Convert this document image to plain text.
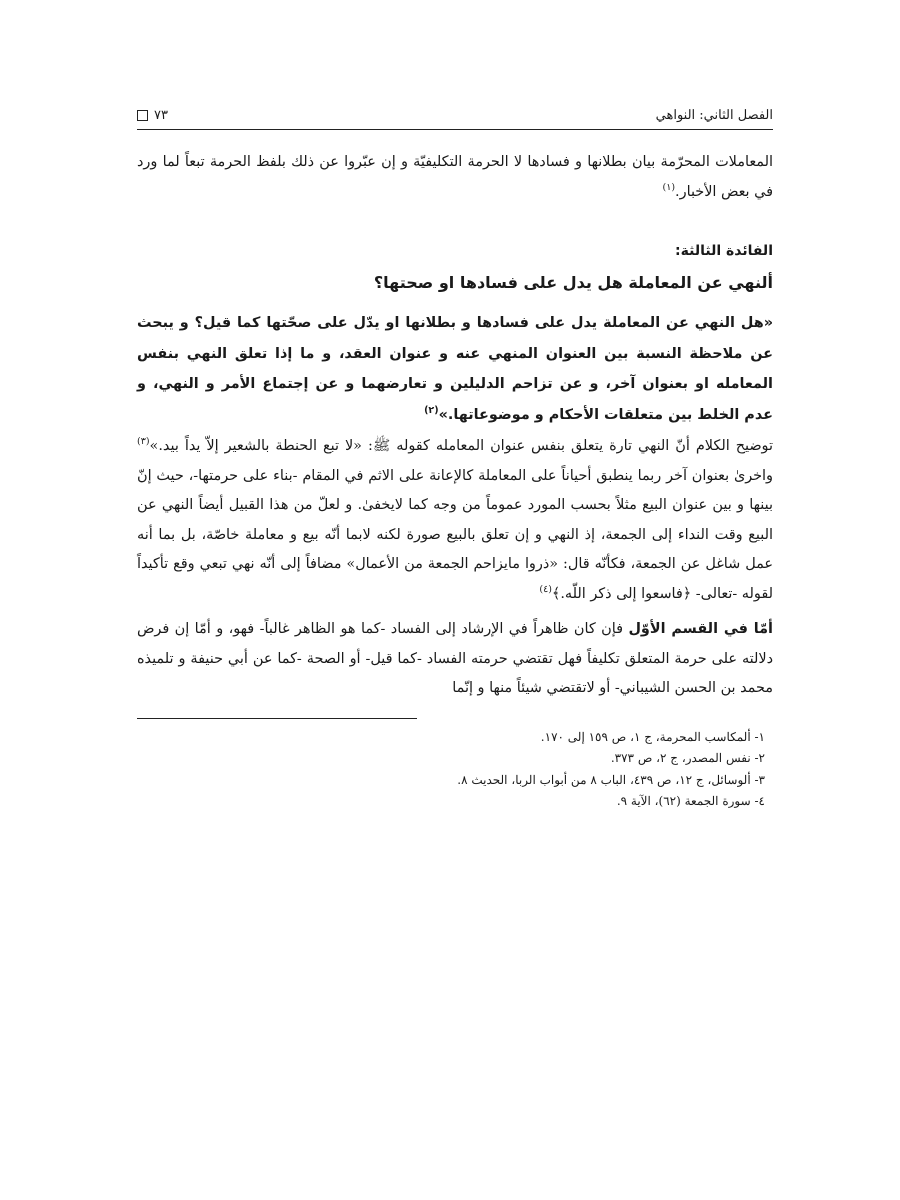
الفصل الثاني: النواهي
٧٣

المعاملات المحرّمة بيان بطلانها و فسادها لا الحرمة التكليفيّة و إن عبّروا عن ذلك بلفظ الحرمة تبعاً لما ورد في بعض الأخبار.$^{(١)}$

الفائدة الثالثة:
ألنهي عن المعاملة هل يدل على فسادها او صحتها؟

«هل النهي عن المعاملة يدل على فسادها و بطلانها او يدّل على صحّتها كما قيل؟ و يبحث عن ملاحظة النسبة بين العنوان المنهي عنه و عنوان العقد، و ما إذا تعلق النهي بنفس المعامله او بعنوان آخر، و عن تزاحم الدليلين و تعارضهما و عن إجتماع الأمر و النهي، و عدم الخلط بين متعلقات الأحكام و موضوعاتها.»$^{(٢)}$

توضيح الكلام أنّ النهي تارة يتعلق بنفس عنوان المعامله كقوله ﷺ: «لا تبع الحنطة بالشعير إلاّ يداً بيد.»$^{(٣)}$ واخرىٰ بعنوان آخر ربما ينطبق أحياناً على المعاملة كالإعانة على الاثم في المقام -بناء على حرمتها-، حيث إنّ بينها و بين عنوان البيع مثلاً بحسب المورد عموماً من وجه كما لايخفىٰ. و لعلّ من هذا القبيل أيضاً النهي عن البيع وقت النداء إلى الجمعة، إذ النهي و إن تعلق بالبيع صورة لكنه لابما أنّه بيع و معاملة خاصّة، بل بما أنه عمل شاغل عن الجمعة، فكأنّه قال: «ذروا مايزاحم الجمعة من الأعمال» مضافاً إلى أنّه نهي تبعي وقع تأكيداً لقوله -تعالى- ﴿فاسعوا إلى ذكر اللّه.﴾$^{(٤)}$

أمّا في القسم الأوّل فإن كان ظاهراً في الإرشاد إلى الفساد -كما هو الظاهر غالباً- فهو، و أمّا إن فرض دلالته على حرمة المتعلق تكليفاً فهل تقتضي حرمته الفساد -كما قيل- أو الصحة -كما عن أبي حنيفة و تلميذه محمد بن الحسن الشيباني- أو لاتقتضي شيئاً منها و إنّما

١- ألمكاسب المحرمة، ج ١، ص ١٥٩ إلى ١٧٠.
٢- نفس المصدر، ج ٢، ص ٣٧٣.
٣- ألوسائل، ج ١٢، ص ٤٣٩، الباب ٨ من أبواب الربا، الحديث ٨.
٤- سورة الجمعة (٦٢)، الآية ٩.
